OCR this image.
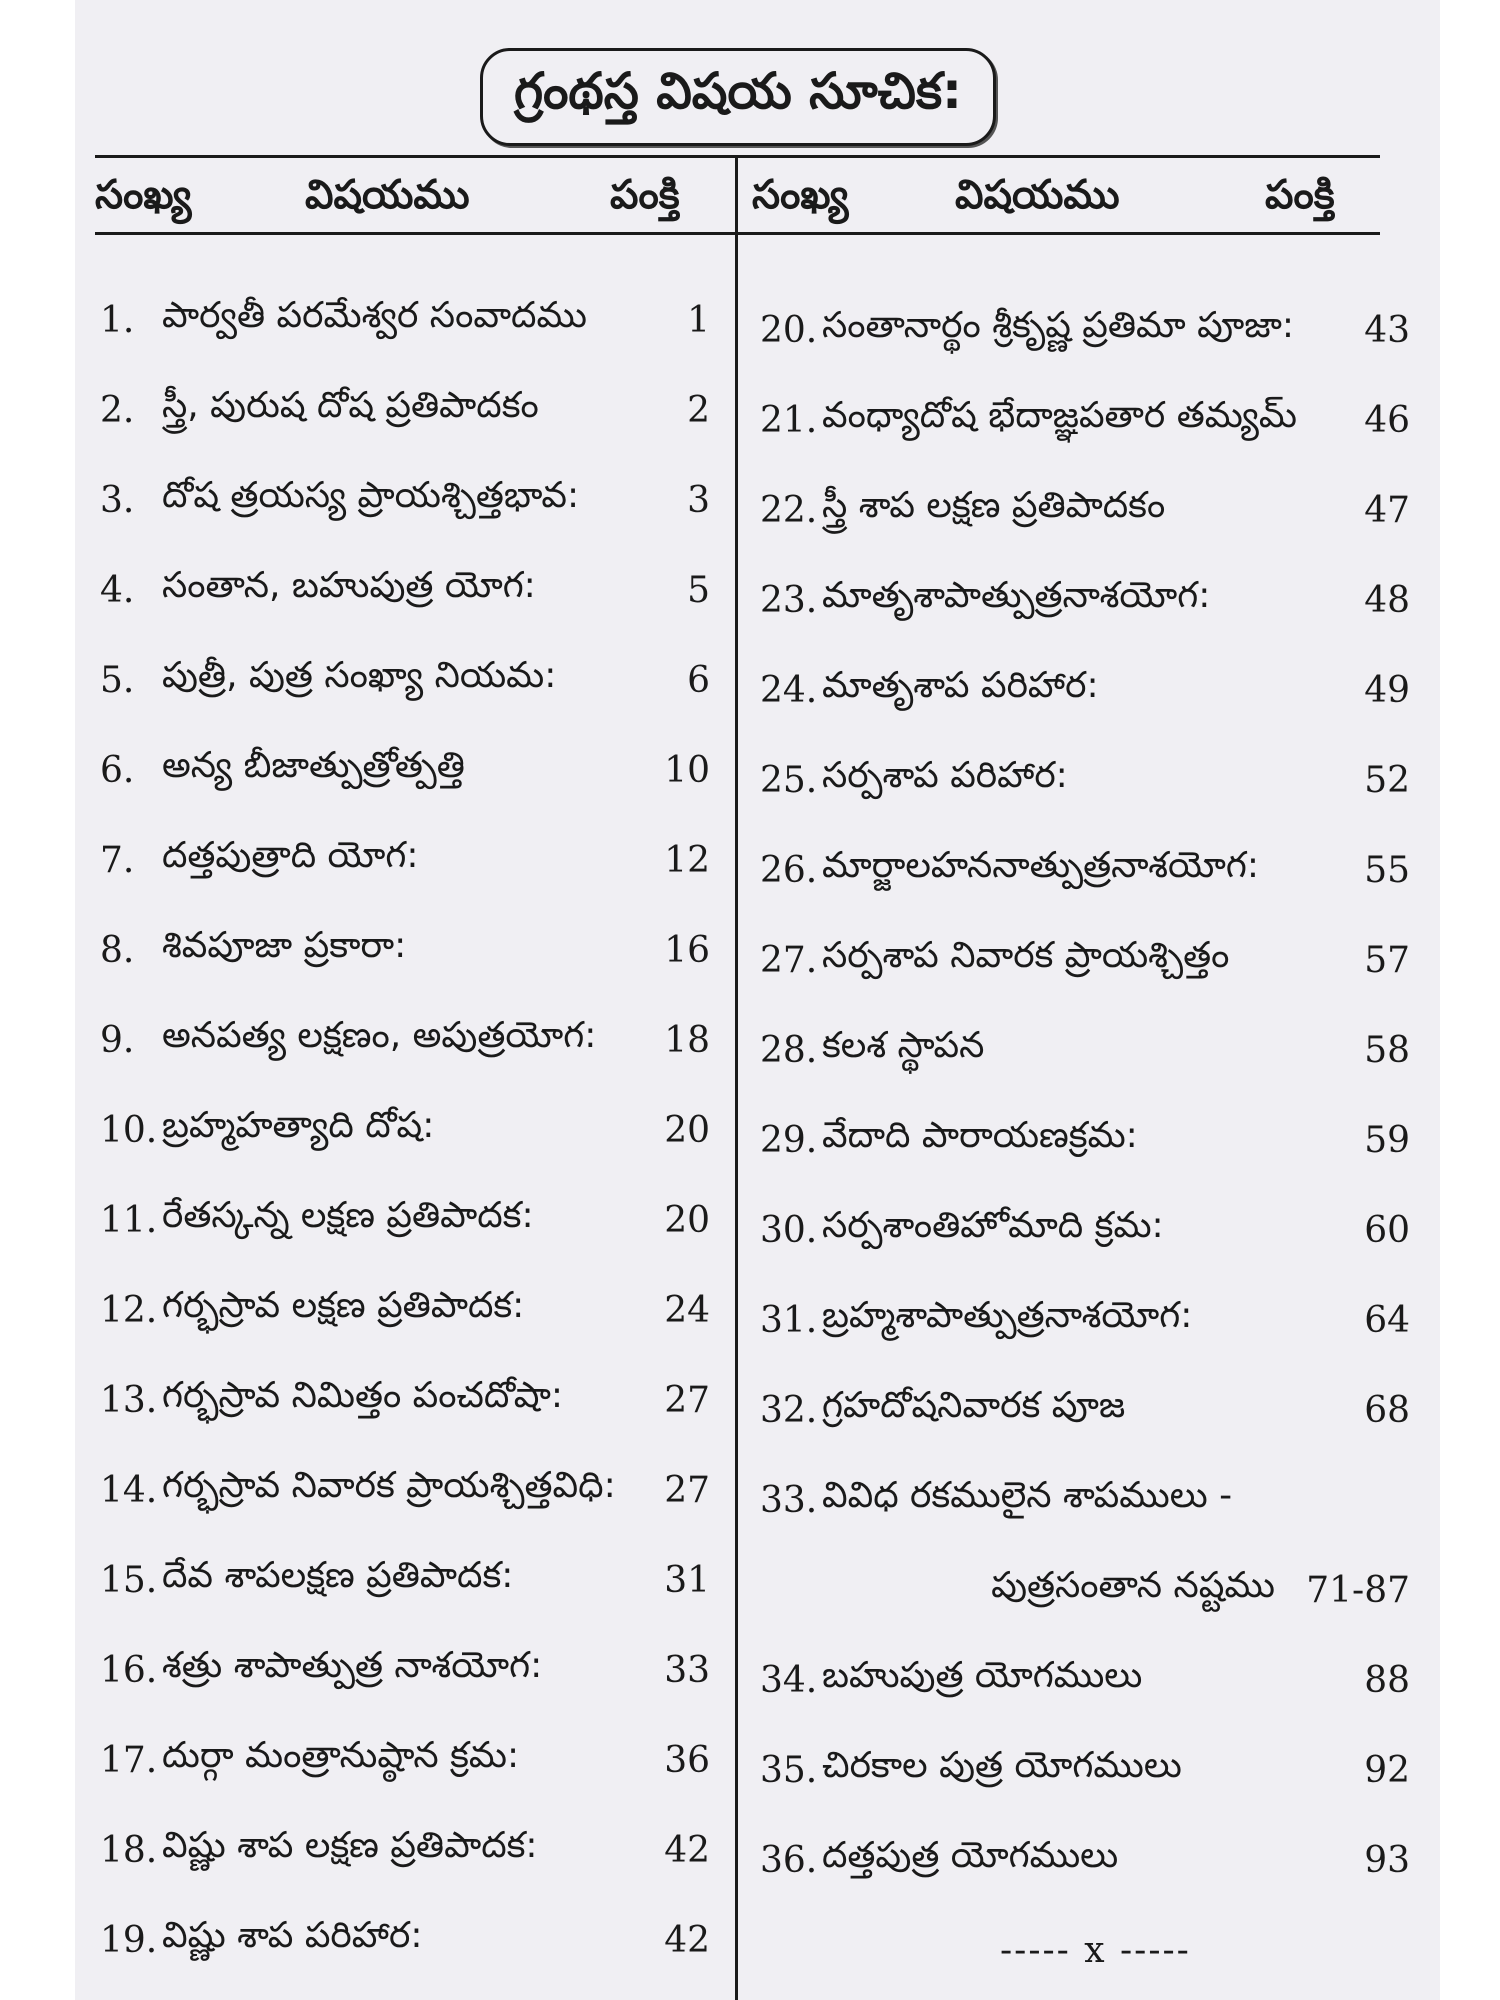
గ్రంథస్త విషయ సూచిక:
సంఖ్య	విషయము	పంక్తి సంఖ్య	విషయము	పంక్తి
1. పార్వతీ పరమేశ్వర సంవాదము	1
2. స్త్రీ, పురుష దోష ప్రతిపాదకం	2
3. దోష త్రయస్య ప్రాయశ్చిత్తభావ:	3
4. సంతాన, బహుపుత్ర యోగ:	5
5. పుత్రీ, పుత్ర సంఖ్యా నియమ:	6
6. అన్య బీజాత్పుత్రోత్పత్తి	10
7. దత్తపుత్రాది యోగ:	12
8. శివపూజా ప్రకారా:	16
9. అనపత్య లక్షణం, అపుత్రయోగ:	18
10. బ్రహ్మహత్యాది దోష:	20
11. రేతస్కన్న లక్షణ ప్రతిపాదక:	20
12. గర్భస్రావ లక్షణ ప్రతిపాదక:	24
13. గర్భస్రావ నిమిత్తం పంచదోషా:	27
14. గర్భస్రావ నివారక ప్రాయశ్చిత్తవిధి:	27
15. దేవ శాపలక్షణ ప్రతిపాదక:	31
16. శత్రు శాపాత్పుత్ర నాశయోగ:	33
17. దుర్గా మంత్రానుష్ఠాన క్రమ:	36
18. విష్ణు శాప లక్షణ ప్రతిపాదక:	42
19. విష్ణు శాప పరిహార:	42
20. సంతానార్థం శ్రీకృష్ణ ప్రతిమా పూజా:	43
21. వంధ్యాదోష భేదాజ్ఞపతార తమ్యమ్	46
22. స్త్రీ శాప లక్షణ ప్రతిపాదకం	47
23. మాతృశాపాత్పుత్రనాశయోగ:	48
24. మాతృశాప పరిహార:	49
25. సర్పశాప పరిహార:	52
26. మార్జాలహననాత్పుత్రనాశయోగ:	55
27. సర్పశాప నివారక ప్రాయశ్చిత్తం	57
28. కలశ స్థాపన	58
29. వేదాది పారాయణక్రమ:	59
30. సర్పశాంతిహోమాది క్రమ:	60
31. బ్రహ్మశాపాత్పుత్రనాశయోగ:	64
32. గ్రహదోషనివారక పూజ	68
33. వివిధ రకములైన శాపములు -
పుత్రసంతాన నష్టము 71-87
34. బహుపుత్ర యోగములు	88
35. చిరకాల పుత్ర యోగములు	92
36. దత్తపుత్ర యోగములు	93
----- x -----
